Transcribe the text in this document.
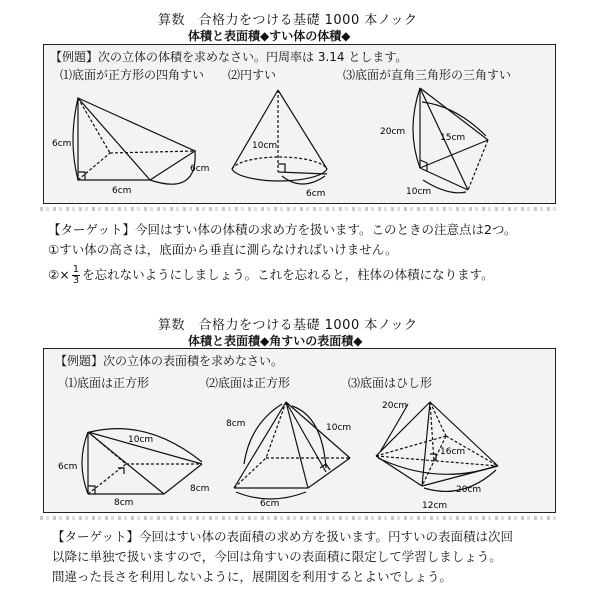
算数　合格力をつける基礎 1000 本ノック
体積と表面積◆すい体の体積◆
【例題】次の立体の体積を求めなさい。円周率は 3.14 とします。
⑴底面が正方形の四角すい ⑵円すい	⑶底面が直角三角形の三角すい
6cm
6cm
6cm
10cm
6cm
20cm
15cm
10cm
【ターゲット】今回はすい体の体積の求め方を扱います。このときの注意点は2つ。
①すい体の高さは，底面から垂直に測らなければいけません。
②× $\frac{1}{3}$ を忘れないようにしましょう。これを忘れると，柱体の体積になります。
算数　合格力をつける基礎 1000 本ノック
体積と表面積◆角すいの表面積◆
【例題】次の立体の表面積を求めなさい。
⑴底面は正方形	⑵底面は正方形	⑶底面はひし形
10cm
6cm
8cm
8cm
8cm	10cm
6cm
20cm
16cm
12cm
20cm
【ターゲット】今回はすい体の表面積の求め方を扱います。円すいの表面積は次回
以降に単独で扱いますので，今回は角すいの表面積に限定して学習しましょう。
間違った長さを利用しないように，展開図を利用するとよいでしょう。
